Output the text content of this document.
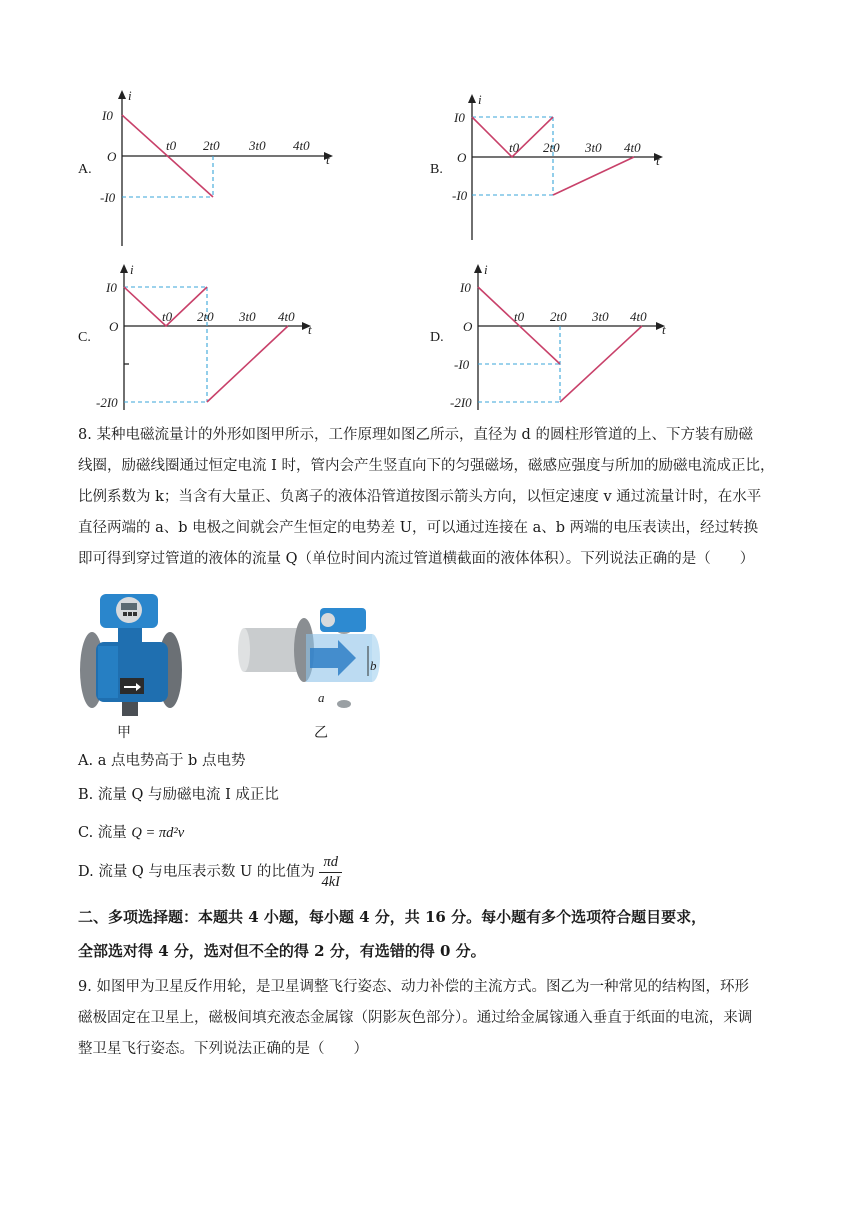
A.
i
t
O
I0
-I0
t0 2t0 3t0 4t0
B.
i
t
O
I0
-I0
t0 2t0 3t0 4t0
C.
i
t
O
I0
-2I0
t0 2t0 3t0 4t0
D.
i
t
O
I0
-I0
-2I0
t0 2t0 3t0 4t0
8. 某种电磁流量计的外形如图甲所示，工作原理如图乙所示，直径为 d 的圆柱形管道的上、下方装有励磁
线圈，励磁线圈通过恒定电流 I 时，管内会产生竖直向下的匀强磁场，磁感应强度与所加的励磁电流成正比，
比例系数为 k；当含有大量正、负离子的液体沿管道按图示箭头方向，以恒定速度 v 通过流量计时，在水平
直径两端的 a、b 电极之间就会产生恒定的电势差 U，可以通过连接在 a、b 两端的电压表读出，经过转换
即可得到穿过管道的液体的流量 Q（单位时间内流过管道横截面的液体体积）。下列说法正确的是（　　）
甲
b
a
乙
A. a 点电势高于 b 点电势
B. 流量 Q 与励磁电流 I 成正比
C. 流量 Q = πd²v
D. 流量 Q 与电压表示数 U 的比值为 $\frac{\pi d}{4kI}$
二、多项选择题：本题共 4 小题，每小题 4 分，共 16 分。每小题有多个选项符合题目要求，
全部选对得 4 分，选对但不全的得 2 分，有选错的得 0 分。
9. 如图甲为卫星反作用轮，是卫星调整飞行姿态、动力补偿的主流方式。图乙为一种常见的结构图，环形
磁极固定在卫星上，磁极间填充液态金属镓（阴影灰色部分）。通过给金属镓通入垂直于纸面的电流，来调
整卫星飞行姿态。下列说法正确的是（　　）
